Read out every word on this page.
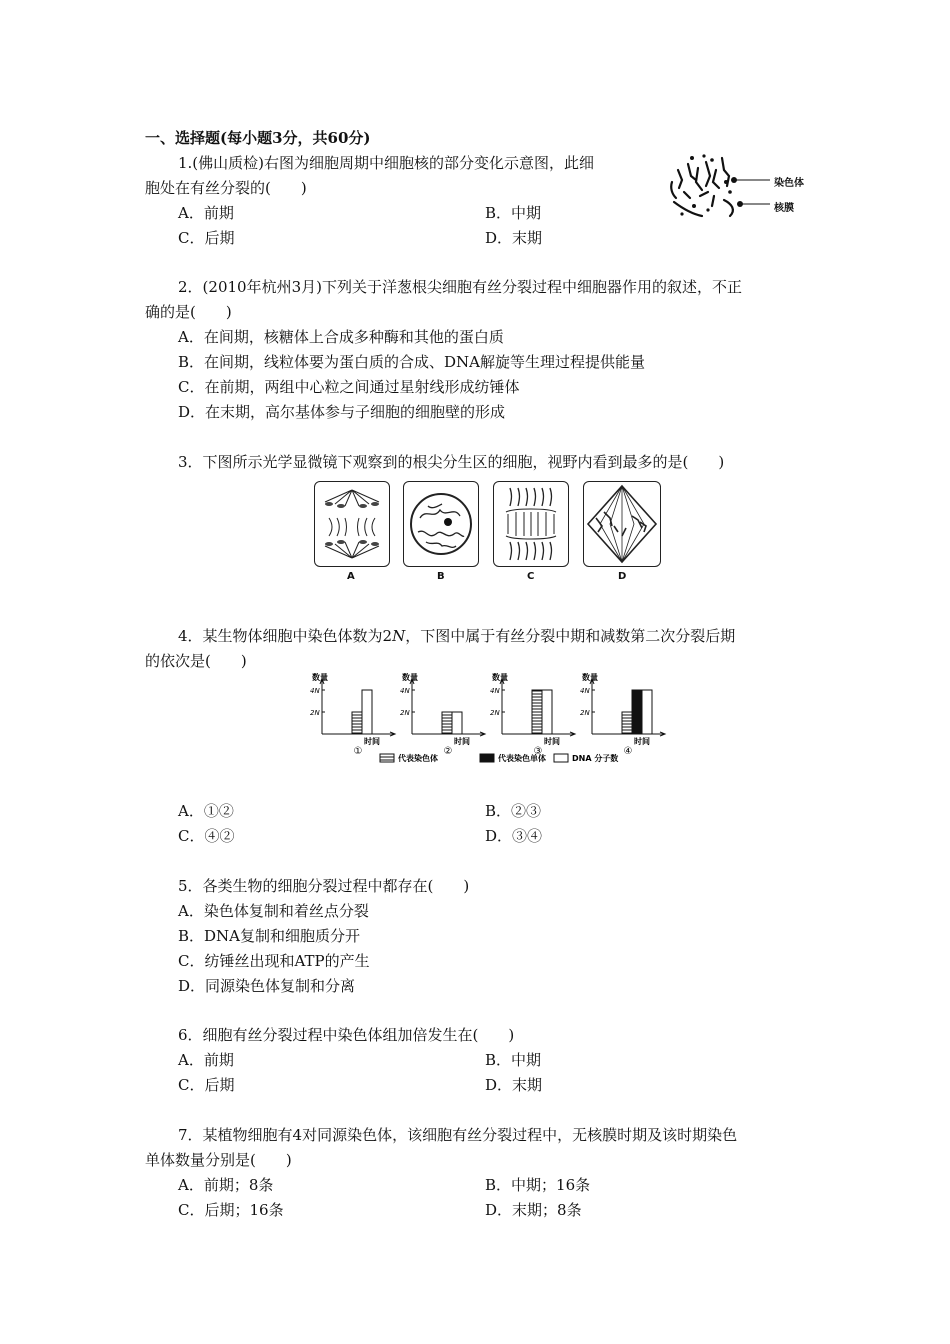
一、选择题(每小题3分，共60分)
1.(佛山质检)右图为细胞周期中细胞核的部分变化示意图，此细
胞处在有丝分裂的(　　)
A．前期	B．中期
C．后期	D．末期
染色体
核膜
2．(2010年杭州3月)下列关于洋葱根尖细胞有丝分裂过程中细胞器作用的叙述，不正
确的是(　　)
A．在间期，核糖体上合成多种酶和其他的蛋白质
B．在间期，线粒体要为蛋白质的合成、DNA解旋等生理过程提供能量
C．在前期，两组中心粒之间通过星射线形成纺锤体
D．在末期，高尔基体参与子细胞的细胞壁的形成
3．下图所示光学显微镜下观察到的根尖分生区的细胞，视野内看到最多的是(　　)
A	B	C	D
4．某生物体细胞中染色体数为2N，下图中属于有丝分裂中期和减数第二次分裂后期
的依次是(　　)
数量
时间
4N
2N
①
数量
时间
4N
2N
②
数量
时间
4N
2N
③
数量
时间
4N
2N
④
代表染色体	代表染色单体	DNA 分子数
A．①②	B．②③
C．④②	D．③④
5．各类生物的细胞分裂过程中都存在(　　)
A．染色体复制和着丝点分裂
B．DNA复制和细胞质分开
C．纺锤丝出现和ATP的产生
D．同源染色体复制和分离
6．细胞有丝分裂过程中染色体组加倍发生在(　　)
A．前期	B．中期
C．后期	D．末期
7．某植物细胞有4对同源染色体，该细胞有丝分裂过程中，无核膜时期及该时期染色
单体数量分别是(　　)
A．前期；8条	B．中期；16条
C．后期；16条	D．末期；8条
